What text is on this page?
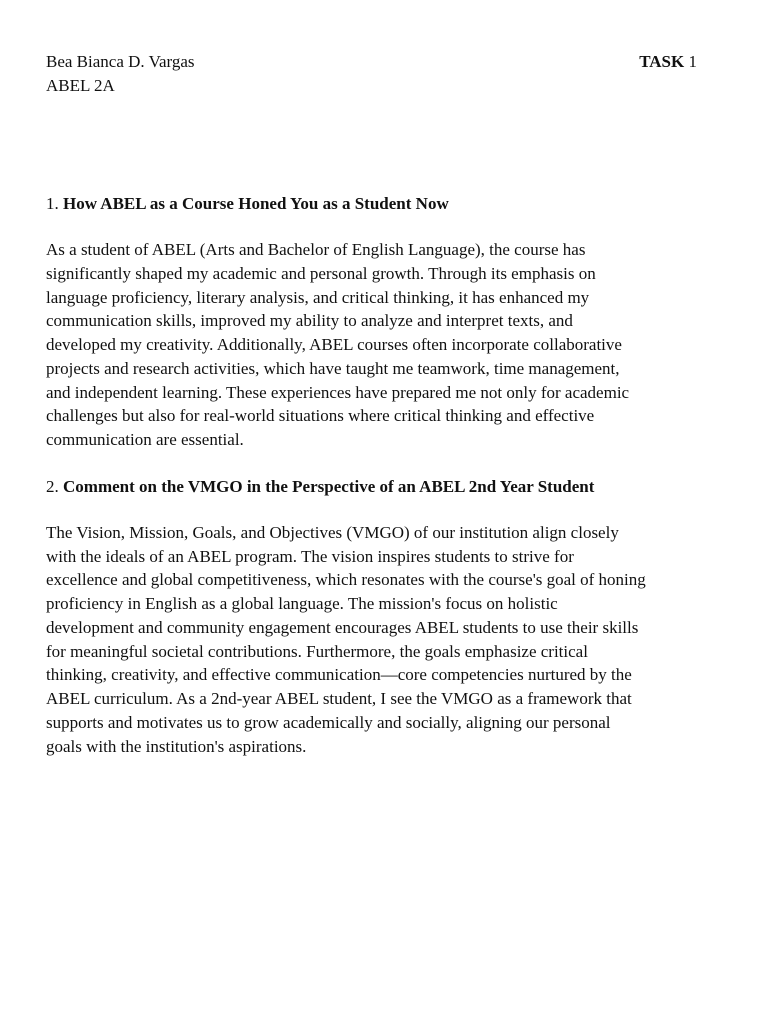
Bea Bianca D. Vargas
ABEL 2A
TASK 1

1. How ABEL as a Course Honed You as a Student Now

As a student of ABEL (Arts and Bachelor of English Language), the course has
significantly shaped my academic and personal growth. Through its emphasis on
language proficiency, literary analysis, and critical thinking, it has enhanced my
communication skills, improved my ability to analyze and interpret texts, and
developed my creativity. Additionally, ABEL courses often incorporate collaborative
projects and research activities, which have taught me teamwork, time management,
and independent learning. These experiences have prepared me not only for academic
challenges but also for real-world situations where critical thinking and effective
communication are essential.

2. Comment on the VMGO in the Perspective of an ABEL 2nd Year Student

The Vision, Mission, Goals, and Objectives (VMGO) of our institution align closely
with the ideals of an ABEL program. The vision inspires students to strive for
excellence and global competitiveness, which resonates with the course's goal of honing
proficiency in English as a global language. The mission's focus on holistic
development and community engagement encourages ABEL students to use their skills
for meaningful societal contributions. Furthermore, the goals emphasize critical
thinking, creativity, and effective communication—core competencies nurtured by the
ABEL curriculum. As a 2nd-year ABEL student, I see the VMGO as a framework that
supports and motivates us to grow academically and socially, aligning our personal
goals with the institution's aspirations.
